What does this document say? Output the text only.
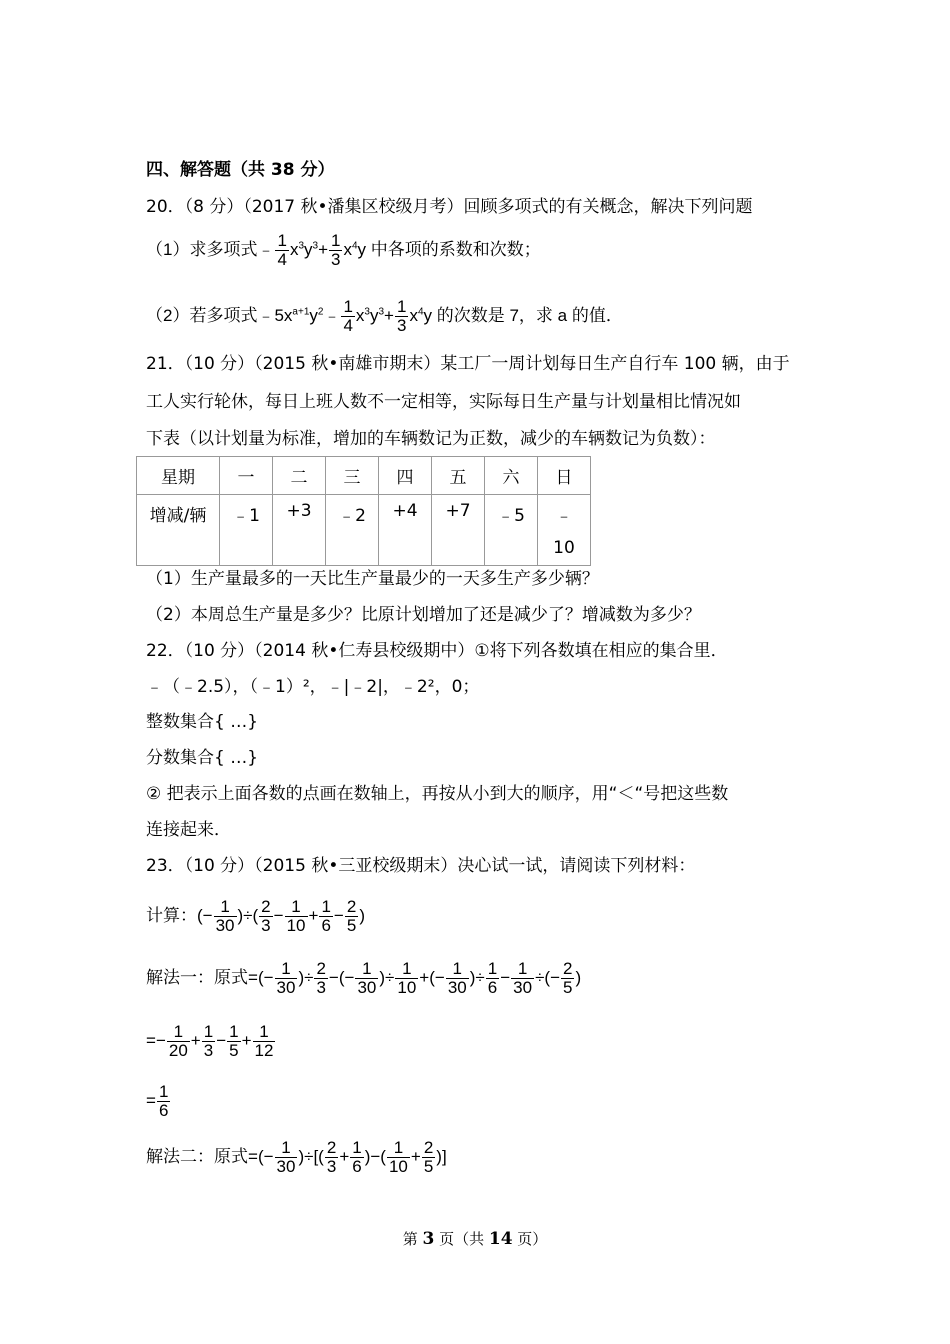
四、解答题（共 38 分）
20．（8 分）（2017 秋•潘集区校级月考）回顾多项式的有关概念，解决下列问题
（1）求多项式﹣ $\frac{1}{4} x^3y^3+ \frac{1}{3} x^4y$ 中各项的系数和次数；
（2）若多项式$﹣5x^{a+1}y^2﹣ \frac{1}{4} x^3y^3+ \frac{1}{3} x^4y$ 的次数是 7，求 a 的值．
21．（10 分）（2015 秋•南雄市期末）某工厂一周计划每日生产自行车 100 辆，由于
工人实行轮休，每日上班人数不一定相等，实际每日生产量与计划量相比情况如
下表（以计划量为标准，增加的车辆数记为正数，减少的车辆数记为负数）：
星期	一	二	三	四	五	六	日
增减/辆	﹣1	+3	﹣2	+4	+7	﹣5	﹣
10
（1）生产量最多的一天比生产量最少的一天多生产多少辆？
（2）本周总生产量是多少？比原计划增加了还是减少了？增减数为多少？
22．（10 分）（2014 秋•仁寿县校级期中）①将下列各数填在相应的集合里．
﹣（﹣2.5），（﹣1）²，﹣|﹣2|，﹣2²，0；
整数集合{ …}
分数集合{ …}
② 把表示上面各数的点画在数轴上，再按从小到大的顺序，用“＜“号把这些数
连接起来．
23．（10 分）（2015 秋•三亚校级期末）决心试一试，请阅读下列材料：
计算：(− $\frac{1}{30}$ )÷( $\frac{2}{3} - \frac{1}{10} + \frac{1}{6} - \frac{2}{5}$ )
解法一：原式=(− $\frac{1}{30}$ )÷ $\frac{2}{3}$ −(− $\frac{1}{30}$ )÷ $\frac{1}{10}$ +(− $\frac{1}{30}$ )÷ $\frac{1}{6} - \frac{1}{30}$ ÷(− $\frac{2}{5}$ )
=− $\frac{1}{20} + \frac{1}{3} - \frac{1}{5} + \frac{1}{12}$
= $\frac{1}{6}$
解法二：原式=(− $\frac{1}{30}$ )÷[( $\frac{2}{3} + \frac{1}{6}$ )−( $\frac{1}{10} + \frac{2}{5}$ )]
第 3 页（共 14 页）
